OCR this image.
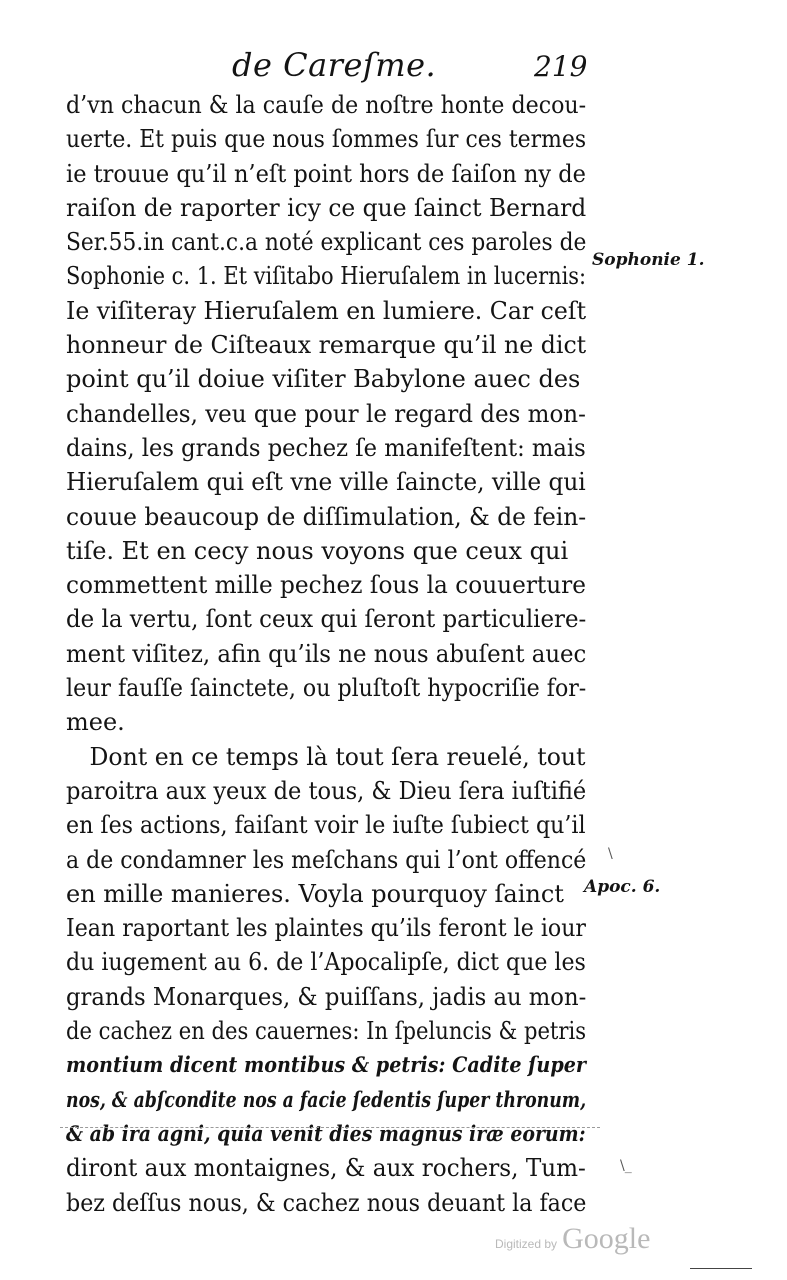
de Careſme.	219
d’vn chacun & la cauſe de noſtre honte decou-
uerte. Et puis que nous ſommes ſur ces termes
ie trouue qu’il n’eſt point hors de ſaiſon ny de
raiſon de raporter icy ce que ſainct Bernard
Ser.55.in cant.c.a noté explicant ces paroles de
Sophonie c. 1. Et viſitabo Hieruſalem in lucernis:
Ie viſiteray Hieruſalem en lumiere. Car ceſt
honneur de Ciſteaux remarque qu’il ne dict
point qu’il doiue viſiter Babylone auec des
chandelles, veu que pour le regard des mon-
dains, les grands pechez ſe manifeſtent: mais
Hieruſalem qui eſt vne ville ſaincte, ville qui
couue beaucoup de diſſimulation, & de fein-
tiſe. Et en cecy nous voyons que ceux qui
commettent mille pechez ſous la couuerture
de la vertu, ſont ceux qui ſeront particuliere-
ment viſitez, afin qu’ils ne nous abuſent auec
leur fauſſe ſainctete, ou pluſtoſt hypocriſie for-
mee.
Dont en ce temps là tout ſera reuelé, tout
paroitra aux yeux de tous, & Dieu ſera iuſtifié
en ſes actions, faiſant voir le iuſte ſubiect qu’il
a de condamner les meſchans qui l’ont offencé
en mille manieres. Voyla pourquoy ſainct
Iean raportant les plaintes qu’ils feront le iour
du iugement au 6. de l’Apocalipſe, dict que les
grands Monarques, & puiſſans, jadis au mon-
de cachez en des cauernes: In ſpeluncis & petris
montium dicent montibus & petris: Cadite ſuper
nos, & abſcondite nos a facie ſedentis ſuper thronum,
& ab ira agni, quia venit dies magnus iræ eorum:
diront aux montaignes, & aux rochers, Tum-
bez deſſus nous, & cachez nous deuant la face
Sophonie 1.
Apoc. 6.
\
\_
Digitized by Google
